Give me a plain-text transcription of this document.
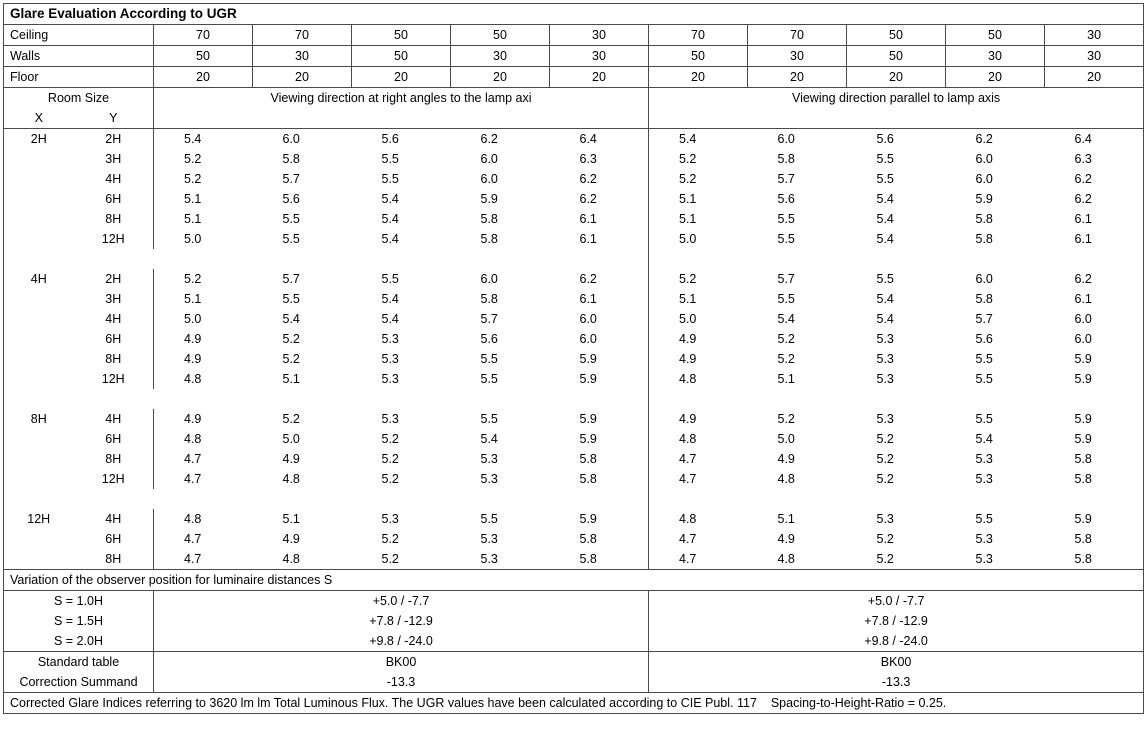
Glare Evaluation According to UGR											
Ceiling		70	70	50	50	30	70	70	50	50	30
Walls		50	30	50	30	30	50	30	50	30	30
Floor		20	20	20	20	20	20	20	20	20	20
Room Size		Viewing direction at right angles to the lamp axi					Viewing direction parallel to lamp axis				
X	Y										
2H	2H	5.4	6.0	5.6	6.2	6.4	5.4	6.0	5.6	6.2	6.4
	3H	5.2	5.8	5.5	6.0	6.3	5.2	5.8	5.5	6.0	6.3
	4H	5.2	5.7	5.5	6.0	6.2	5.2	5.7	5.5	6.0	6.2
	6H	5.1	5.6	5.4	5.9	6.2	5.1	5.6	5.4	5.9	6.2
	8H	5.1	5.5	5.4	5.8	6.1	5.1	5.5	5.4	5.8	6.1
	12H	5.0	5.5	5.4	5.8	6.1	5.0	5.5	5.4	5.8	6.1

4H	2H	5.2	5.7	5.5	6.0	6.2	5.2	5.7	5.5	6.0	6.2
	3H	5.1	5.5	5.4	5.8	6.1	5.1	5.5	5.4	5.8	6.1
	4H	5.0	5.4	5.4	5.7	6.0	5.0	5.4	5.4	5.7	6.0
	6H	4.9	5.2	5.3	5.6	6.0	4.9	5.2	5.3	5.6	6.0
	8H	4.9	5.2	5.3	5.5	5.9	4.9	5.2	5.3	5.5	5.9
	12H	4.8	5.1	5.3	5.5	5.9	4.8	5.1	5.3	5.5	5.9

8H	4H	4.9	5.2	5.3	5.5	5.9	4.9	5.2	5.3	5.5	5.9
	6H	4.8	5.0	5.2	5.4	5.9	4.8	5.0	5.2	5.4	5.9
	8H	4.7	4.9	5.2	5.3	5.8	4.7	4.9	5.2	5.3	5.8
	12H	4.7	4.8	5.2	5.3	5.8	4.7	4.8	5.2	5.3	5.8

12H	4H	4.8	5.1	5.3	5.5	5.9	4.8	5.1	5.3	5.5	5.9
	6H	4.7	4.9	5.2	5.3	5.8	4.7	4.9	5.2	5.3	5.8
	8H	4.7	4.8	5.2	5.3	5.8	4.7	4.8	5.2	5.3	5.8
Variation of the observer position for luminaire distances S											
S = 1.0H		+5.0 / -7.7					+5.0 / -7.7				
S = 1.5H		+7.8 / -12.9					+7.8 / -12.9				
S = 2.0H		+9.8 / -24.0					+9.8 / -24.0				
Standard table		BK00					BK00				
Correction Summand		-13.3					-13.3				
Corrected Glare Indices referring to 3620 lm lm Total Luminous Flux. The UGR values have been calculated according to CIE Publ. 117 Spacing-to-Height-Ratio = 0.25.											
